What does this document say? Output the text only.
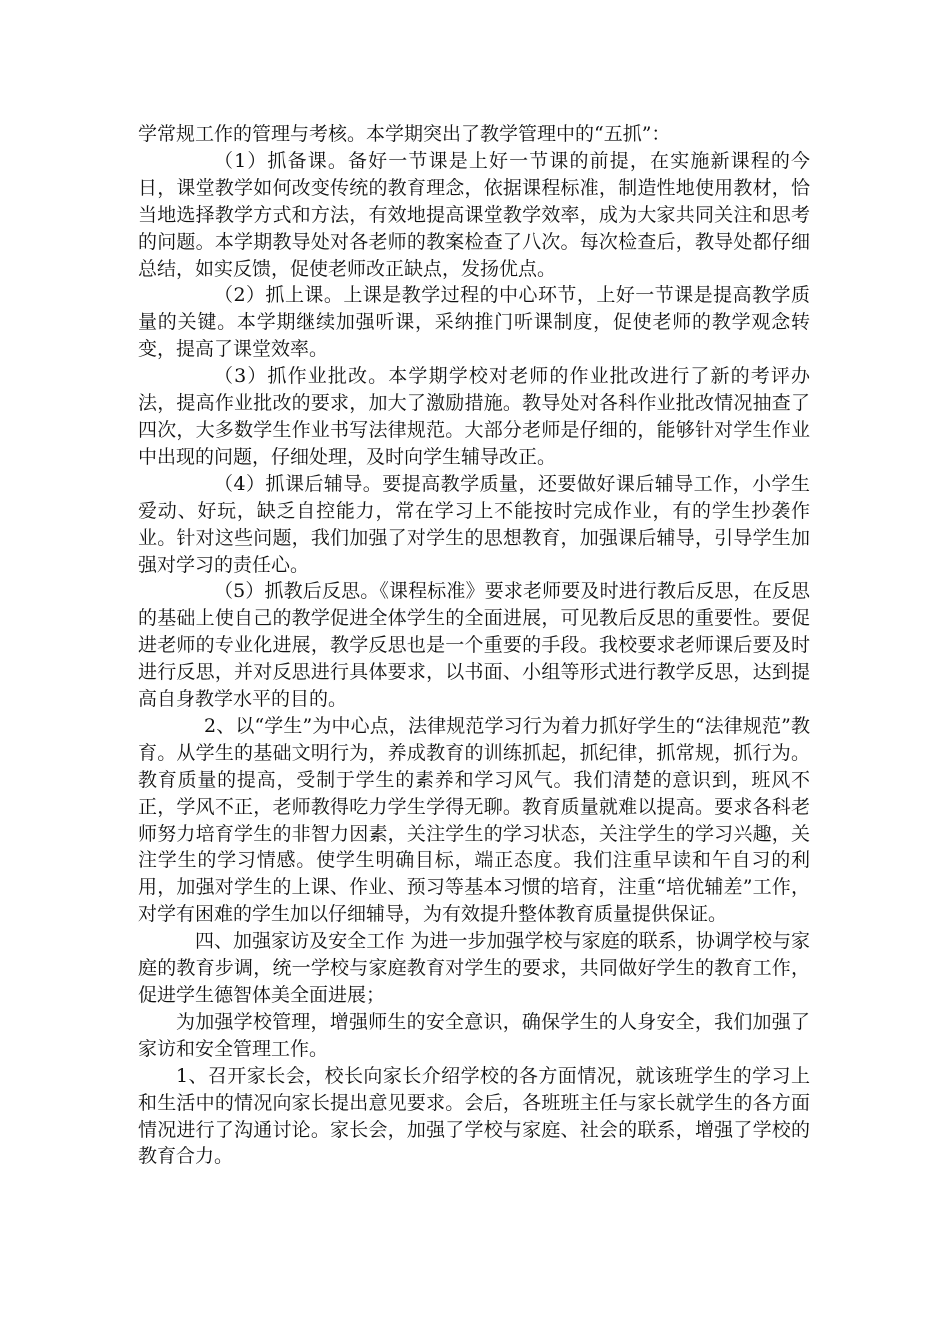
学常规工作的管理与考核。本学期突出了教学管理中的“五抓”：

（1）抓备课。备好一节课是上好一节课的前提，在实施新课程的今日，课堂教学如何改变传统的教育理念，依据课程标准，制造性地使用教材，恰当地选择教学方式和方法，有效地提高课堂教学效率，成为大家共同关注和思考的问题。本学期教导处对各老师的教案检查了八次。每次检查后，教导处都仔细总结，如实反馈，促使老师改正缺点，发扬优点。

（2）抓上课。上课是教学过程的中心环节，上好一节课是提高教学质量的关键。本学期继续加强听课，采纳推门听课制度，促使老师的教学观念转变，提高了课堂效率。

（3）抓作业批改。本学期学校对老师的作业批改进行了新的考评办法，提高作业批改的要求，加大了激励措施。教导处对各科作业批改情况抽查了四次，大多数学生作业书写法律规范。大部分老师是仔细的，能够针对学生作业中出现的问题，仔细处理，及时向学生辅导改正。

（4）抓课后辅导。要提高教学质量，还要做好课后辅导工作，小学生爱动、好玩，缺乏自控能力，常在学习上不能按时完成作业，有的学生抄袭作业。针对这些问题，我们加强了对学生的思想教育，加强课后辅导，引导学生加强对学习的责任心。

（5）抓教后反思。《课程标准》要求老师要及时进行教后反思，在反思的基础上使自己的教学促进全体学生的全面进展，可见教后反思的重要性。要促进老师的专业化进展，教学反思也是一个重要的手段。我校要求老师课后要及时进行反思，并对反思进行具体要求，以书面、小组等形式进行教学反思，达到提高自身教学水平的目的。

2、以“学生”为中心点，法律规范学习行为着力抓好学生的“法律规范”教育。从学生的基础文明行为，养成教育的训练抓起，抓纪律，抓常规，抓行为。教育质量的提高，受制于学生的素养和学习风气。我们清楚的意识到，班风不正，学风不正，老师教得吃力学生学得无聊。教育质量就难以提高。要求各科老师努力培育学生的非智力因素，关注学生的学习状态，关注学生的学习兴趣，关注学生的学习情感。使学生明确目标，端正态度。我们注重早读和午自习的利用，加强对学生的上课、作业、预习等基本习惯的培育，注重“培优辅差”工作，对学有困难的学生加以仔细辅导，为有效提升整体教育质量提供保证。

四、加强家访及安全工作 为进一步加强学校与家庭的联系，协调学校与家庭的教育步调，统一学校与家庭教育对学生的要求，共同做好学生的教育工作，促进学生德智体美全面进展；

为加强学校管理，增强师生的安全意识，确保学生的人身安全，我们加强了家访和安全管理工作。

1、召开家长会，校长向家长介绍学校的各方面情况，就该班学生的学习上和生活中的情况向家长提出意见要求。会后，各班班主任与家长就学生的各方面情况进行了沟通讨论。家长会，加强了学校与家庭、社会的联系，增强了学校的教育合力。
